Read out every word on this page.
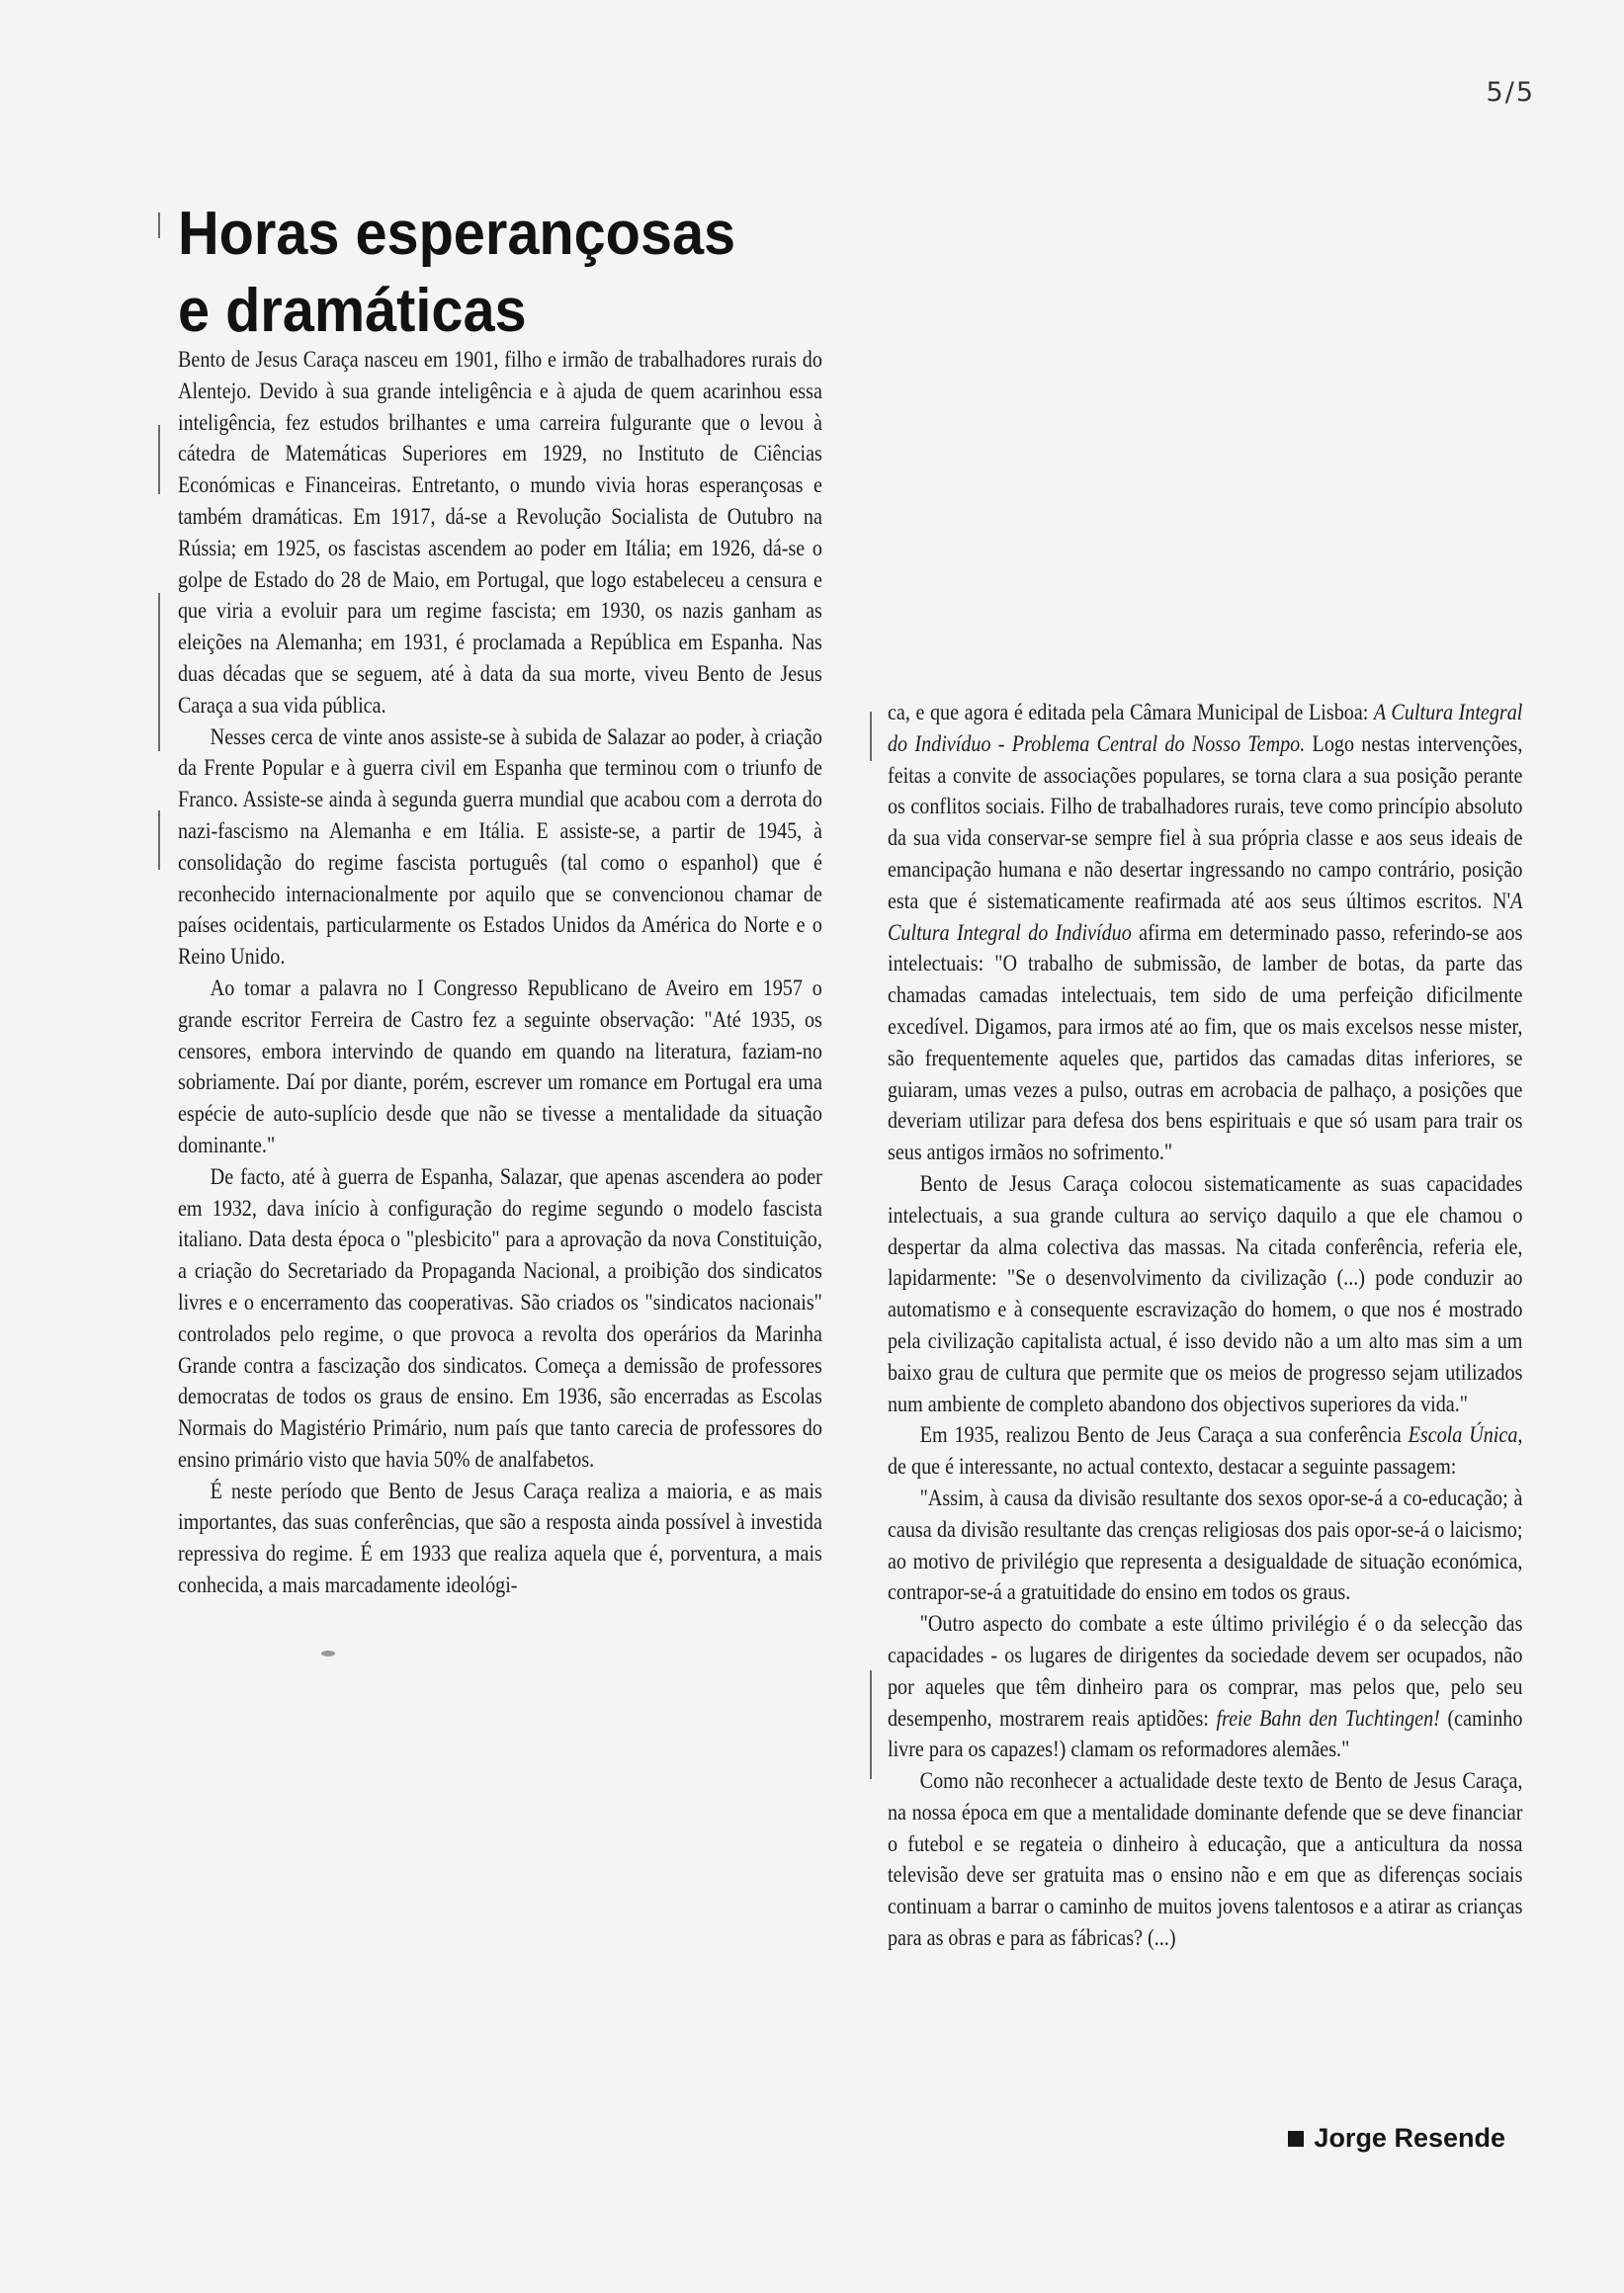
5/5
Horas esperançosas
e dramáticas

Bento de Jesus Caraça nasceu em 1901, filho e irmão de trabalhadores rurais do Alentejo. Devido à sua grande inteligência e à ajuda de quem acarinhou essa inteligência, fez estudos brilhantes e uma carreira fulgurante que o levou à cátedra de Matemáticas Superiores em 1929, no Instituto de Ciências Económicas e Financeiras. Entretanto, o mundo vivia horas esperançosas e também dramáticas. Em 1917, dá-se a Revolução Socialista de Outubro na Rússia; em 1925, os fascistas ascendem ao poder em Itália; em 1926, dá-se o golpe de Estado do 28 de Maio, em Portugal, que logo estabeleceu a censura e que viria a evoluir para um regime fascista; em 1930, os nazis ganham as eleições na Alemanha; em 1931, é proclamada a República em Espanha. Nas duas décadas que se seguem, até à data da sua morte, viveu Bento de Jesus Caraça a sua vida pública.

Nesses cerca de vinte anos assiste-se à subida de Salazar ao poder, à criação da Frente Popular e à guerra civil em Espanha que terminou com o triunfo de Franco. Assiste-se ainda à segunda guerra mundial que acabou com a derrota do nazi-fascismo na Alemanha e em Itália. E assiste-se, a partir de 1945, à consolidação do regime fascista português (tal como o espanhol) que é reconhecido internacionalmente por aquilo que se convencionou chamar de países ocidentais, particularmente os Estados Unidos da América do Norte e o Reino Unido.

Ao tomar a palavra no I Congresso Republicano de Aveiro em 1957 o grande escritor Ferreira de Castro fez a seguinte observação: "Até 1935, os censores, embora intervindo de quando em quando na literatura, faziam-no sobriamente. Daí por diante, porém, escrever um romance em Portugal era uma espécie de auto-suplício desde que não se tivesse a mentalidade da situação dominante."

De facto, até à guerra de Espanha, Salazar, que apenas ascendera ao poder em 1932, dava início à configuração do regime segundo o modelo fascista italiano. Data desta época o "plesbicito" para a aprovação da nova Constituição, a criação do Secretariado da Propaganda Nacional, a proibição dos sindicatos livres e o encerramento das cooperativas. São criados os "sindicatos nacionais" controlados pelo regime, o que provoca a revolta dos operários da Marinha Grande contra a fascização dos sindicatos. Começa a demissão de professores democratas de todos os graus de ensino. Em 1936, são encerradas as Escolas Normais do Magistério Primário, num país que tanto carecia de professores do ensino primário visto que havia 50% de analfabetos.

É neste período que Bento de Jesus Caraça realiza a maioria, e as mais importantes, das suas conferências, que são a resposta ainda possível à investida repressiva do regime. É em 1933 que realiza aquela que é, porventura, a mais conhecida, a mais marcadamente ideológi-

ca, e que agora é editada pela Câmara Municipal de Lisboa: A Cultura Integral do Indivíduo - Problema Central do Nosso Tempo. Logo nestas intervenções, feitas a convite de associações populares, se torna clara a sua posição perante os conflitos sociais. Filho de trabalhadores rurais, teve como princípio absoluto da sua vida conservar-se sempre fiel à sua própria classe e aos seus ideais de emancipação humana e não desertar ingressando no campo contrário, posição esta que é sistematicamente reafirmada até aos seus últimos escritos. N'A Cultura Integral do Indivíduo afirma em determinado passo, referindo-se aos intelectuais: "O trabalho de submissão, de lamber de botas, da parte das chamadas camadas intelectuais, tem sido de uma perfeição dificilmente excedível. Digamos, para irmos até ao fim, que os mais excelsos nesse mister, são frequentemente aqueles que, partidos das camadas ditas inferiores, se guiaram, umas vezes a pulso, outras em acrobacia de palhaço, a posições que deveriam utilizar para defesa dos bens espirituais e que só usam para trair os seus antigos irmãos no sofrimento."

Bento de Jesus Caraça colocou sistematicamente as suas capacidades intelectuais, a sua grande cultura ao serviço daquilo a que ele chamou o despertar da alma colectiva das massas. Na citada conferência, referia ele, lapidarmente: "Se o desenvolvimento da civilização (...) pode conduzir ao automatismo e à consequente escravização do homem, o que nos é mostrado pela civilização capitalista actual, é isso devido não a um alto mas sim a um baixo grau de cultura que permite que os meios de progresso sejam utilizados num ambiente de completo abandono dos objectivos superiores da vida."

Em 1935, realizou Bento de Jeus Caraça a sua conferência Escola Única, de que é interessante, no actual contexto, destacar a seguinte passagem:

"Assim, à causa da divisão resultante dos sexos opor-se-á a co-educação; à causa da divisão resultante das crenças religiosas dos pais opor-se-á o laicismo; ao motivo de privilégio que representa a desigualdade de situação económica, contrapor-se-á a gratuitidade do ensino em todos os graus.

"Outro aspecto do combate a este último privilégio é o da selecção das capacidades - os lugares de dirigentes da sociedade devem ser ocupados, não por aqueles que têm dinheiro para os comprar, mas pelos que, pelo seu desempenho, mostrarem reais aptidões: freie Bahn den Tuchtingen! (caminho livre para os capazes!) clamam os reformadores alemães."

Como não reconhecer a actualidade deste texto de Bento de Jesus Caraça, na nossa época em que a mentalidade dominante defende que se deve financiar o futebol e se regateia o dinheiro à educação, que a anticultura da nossa televisão deve ser gratuita mas o ensino não e em que as diferenças sociais continuam a barrar o caminho de muitos jovens talentosos e a atirar as crianças para as obras e para as fábricas? (...)

Jorge Resende
